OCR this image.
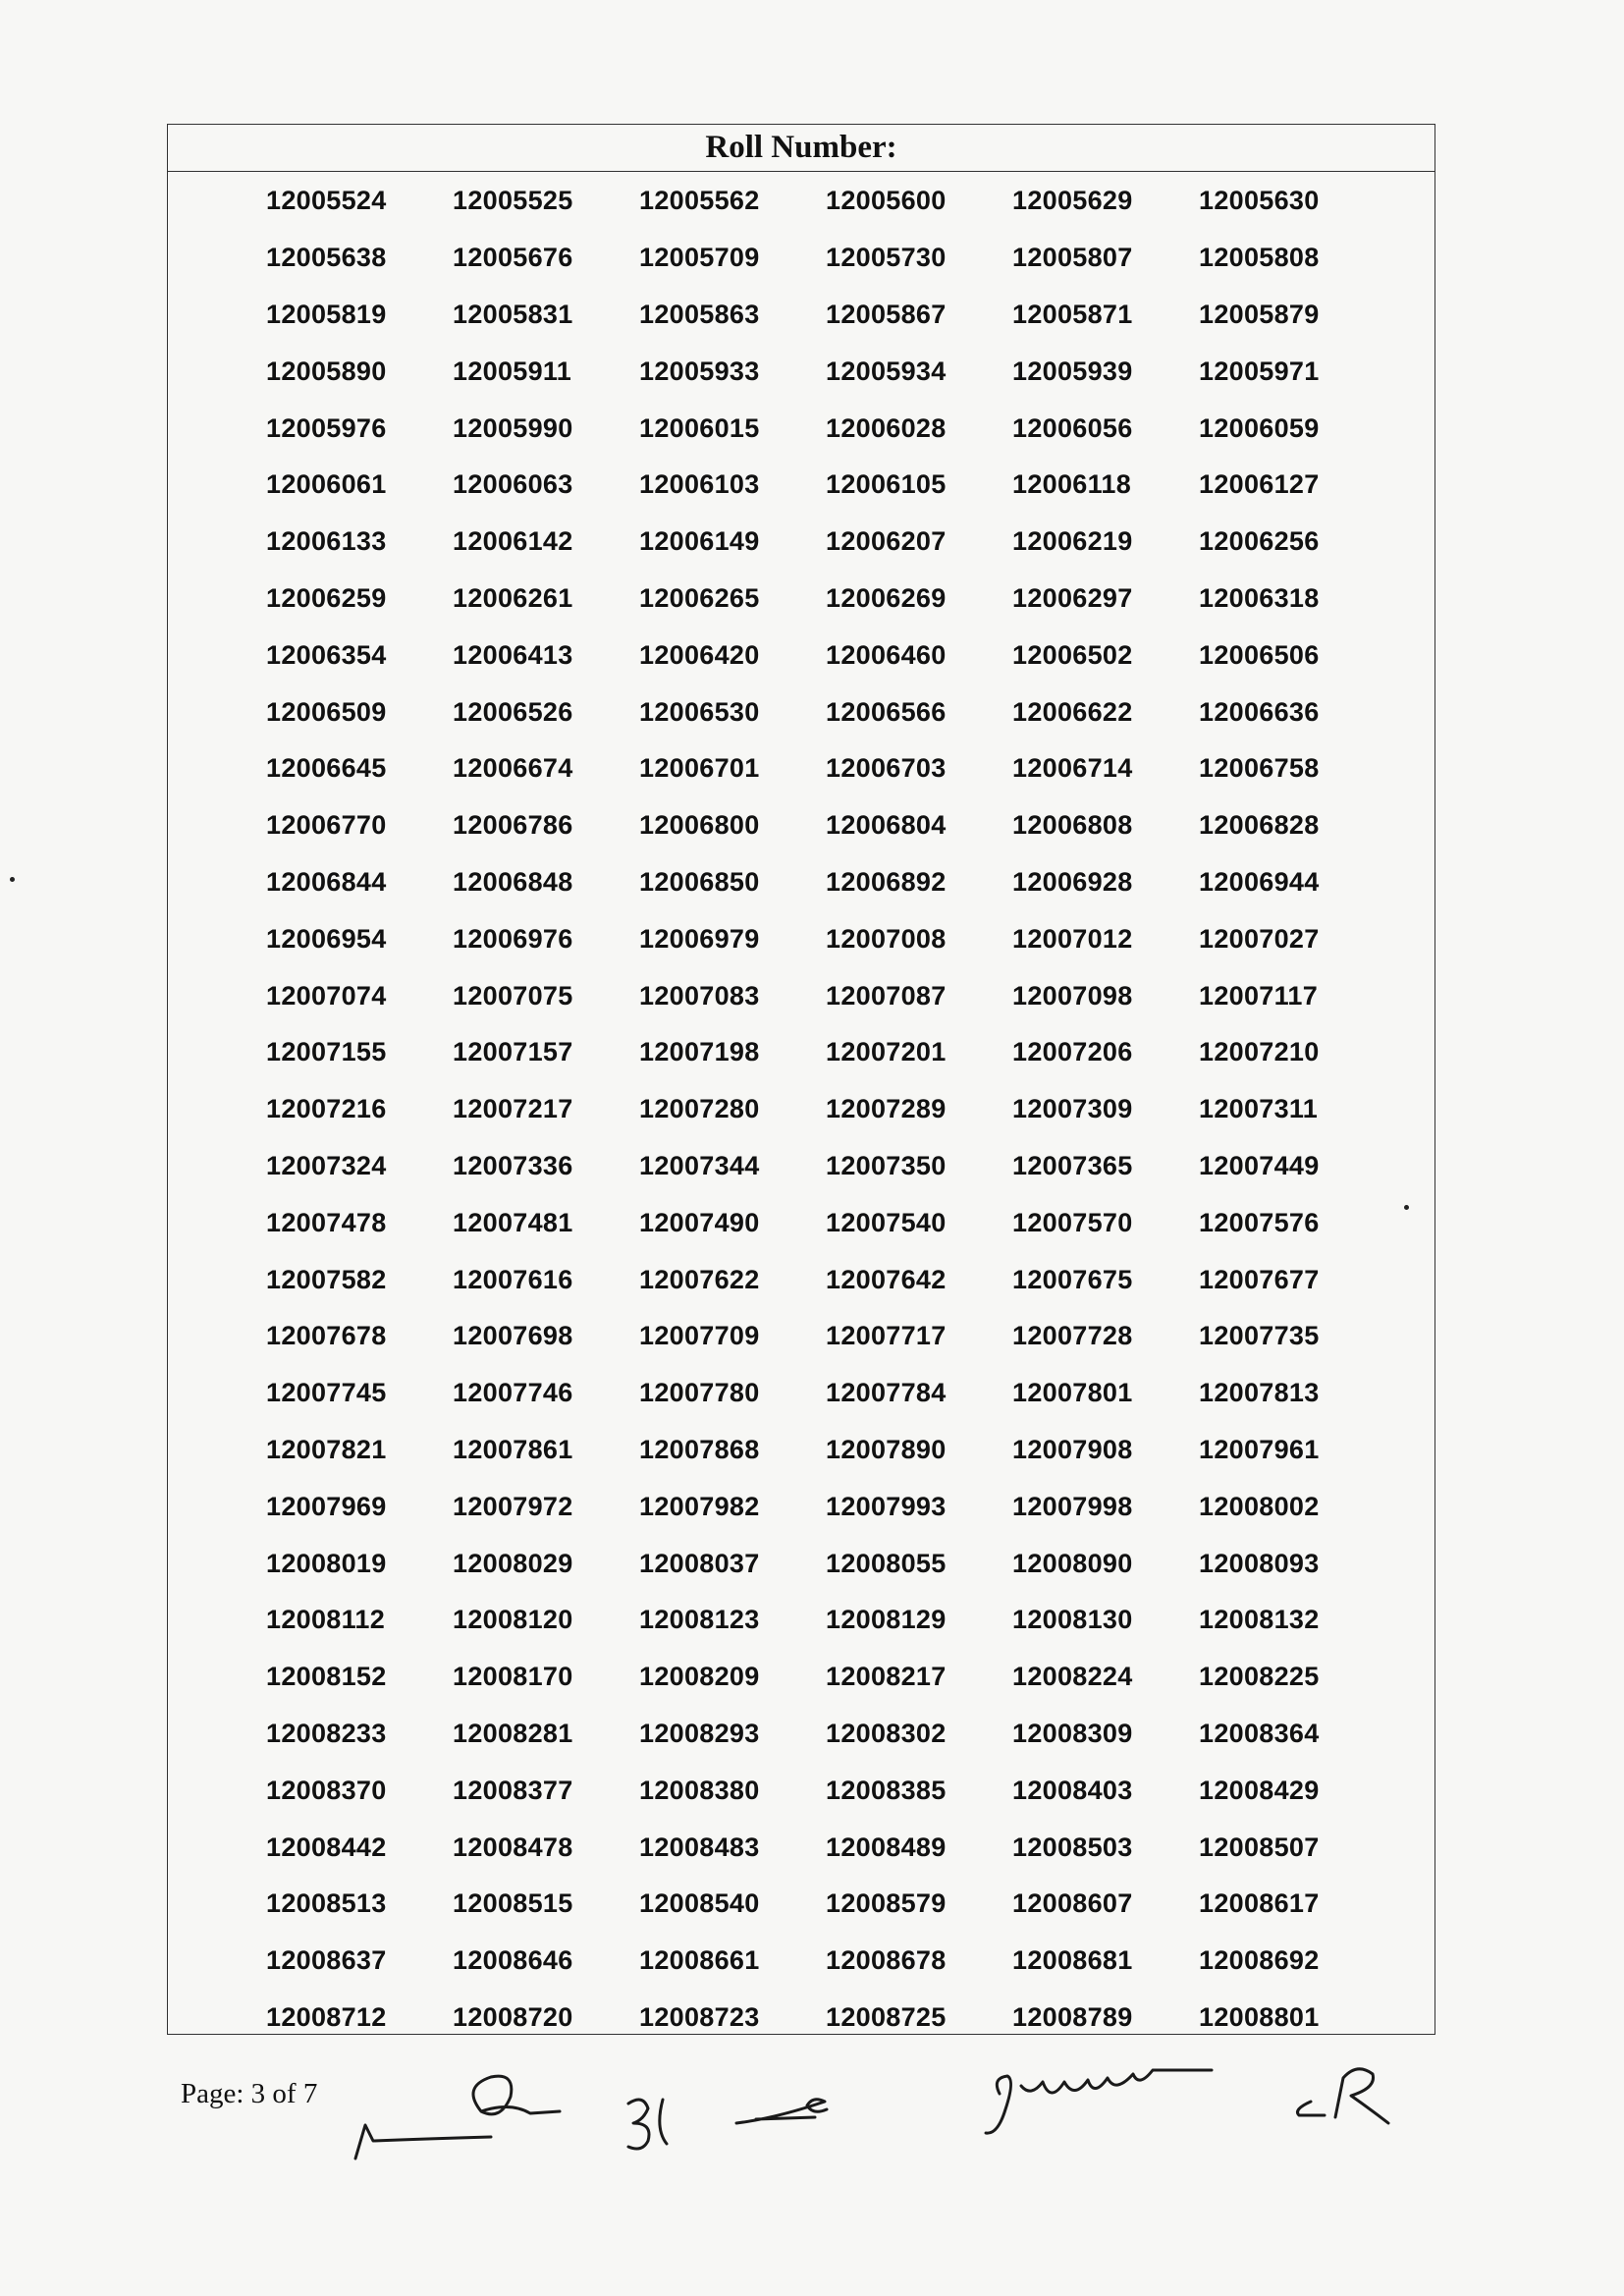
Roll Number:
12005524	12005525	12005562	12005600	12005629	12005630
12005638	12005676	12005709	12005730	12005807	12005808
12005819	12005831	12005863	12005867	12005871	12005879
12005890	12005911	12005933	12005934	12005939	12005971
12005976	12005990	12006015	12006028	12006056	12006059
12006061	12006063	12006103	12006105	12006118	12006127
12006133	12006142	12006149	12006207	12006219	12006256
12006259	12006261	12006265	12006269	12006297	12006318
12006354	12006413	12006420	12006460	12006502	12006506
12006509	12006526	12006530	12006566	12006622	12006636
12006645	12006674	12006701	12006703	12006714	12006758
12006770	12006786	12006800	12006804	12006808	12006828
12006844	12006848	12006850	12006892	12006928	12006944
12006954	12006976	12006979	12007008	12007012	12007027
12007074	12007075	12007083	12007087	12007098	12007117
12007155	12007157	12007198	12007201	12007206	12007210
12007216	12007217	12007280	12007289	12007309	12007311
12007324	12007336	12007344	12007350	12007365	12007449
12007478	12007481	12007490	12007540	12007570	12007576
12007582	12007616	12007622	12007642	12007675	12007677
12007678	12007698	12007709	12007717	12007728	12007735
12007745	12007746	12007780	12007784	12007801	12007813
12007821	12007861	12007868	12007890	12007908	12007961
12007969	12007972	12007982	12007993	12007998	12008002
12008019	12008029	12008037	12008055	12008090	12008093
12008112	12008120	12008123	12008129	12008130	12008132
12008152	12008170	12008209	12008217	12008224	12008225
12008233	12008281	12008293	12008302	12008309	12008364
12008370	12008377	12008380	12008385	12008403	12008429
12008442	12008478	12008483	12008489	12008503	12008507
12008513	12008515	12008540	12008579	12008607	12008617
12008637	12008646	12008661	12008678	12008681	12008692
12008712	12008720	12008723	12008725	12008789	12008801
Page: 3 of 7
